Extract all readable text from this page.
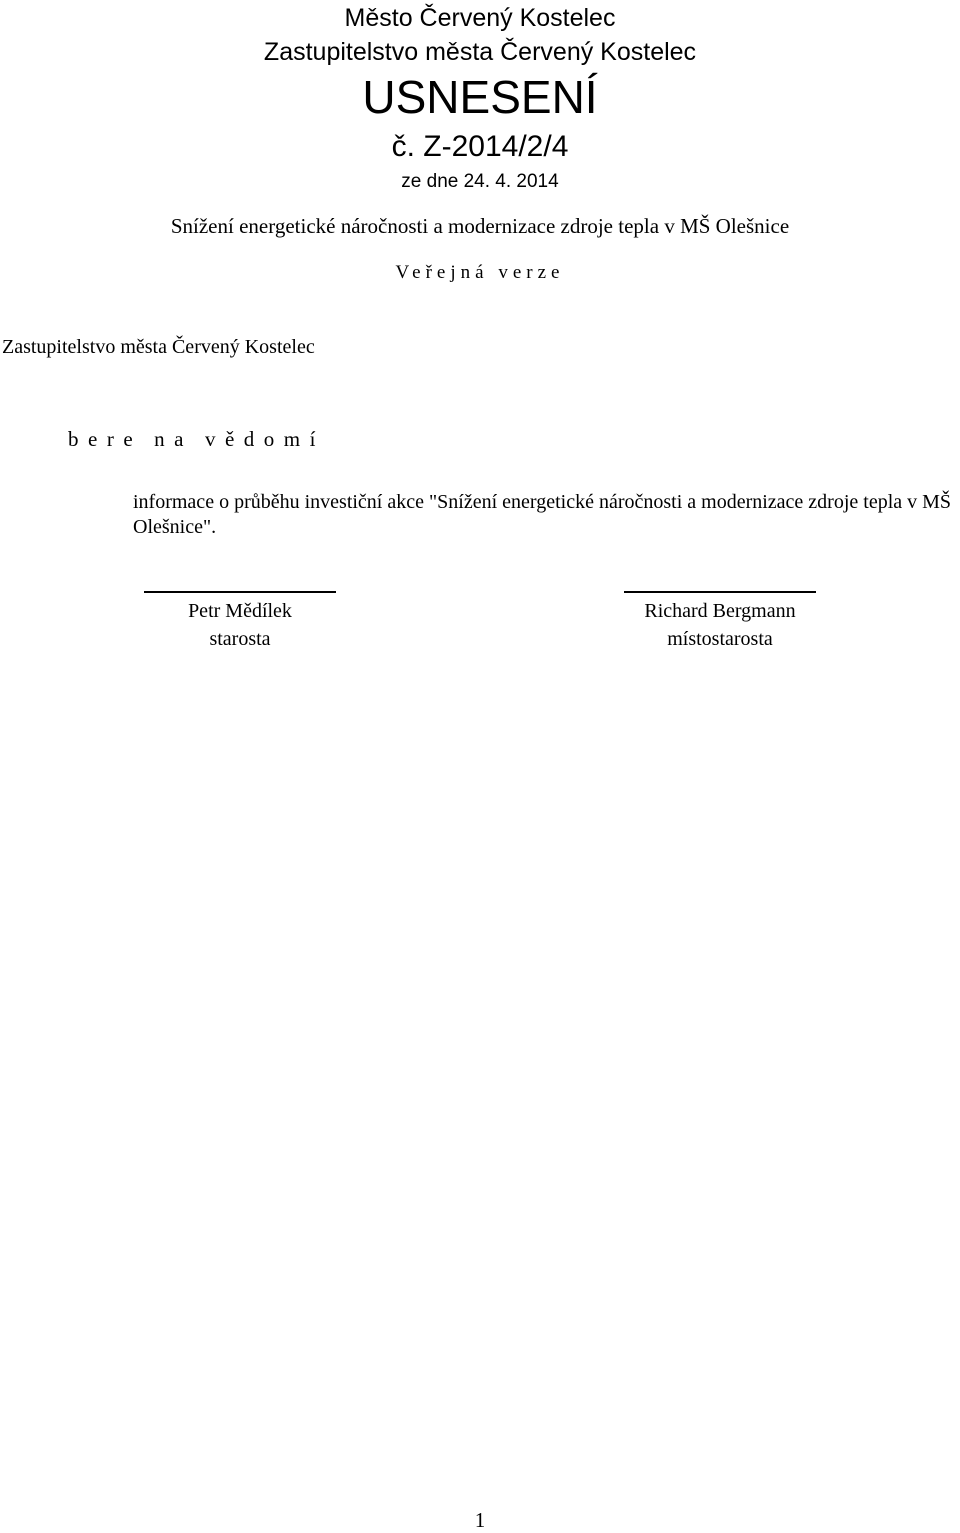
Město Červený Kostelec
Zastupitelstvo města Červený Kostelec
USNESENÍ
č. Z-2014/2/4
ze dne 24. 4. 2014
Snížení energetické náročnosti a modernizace zdroje tepla v MŠ Olešnice
Veřejná verze
Zastupitelstvo města Červený Kostelec
bere na vědomí
informace o průběhu investiční akce "Snížení energetické náročnosti a modernizace zdroje tepla v MŠ Olešnice".
Petr Mědílek
starosta
Richard Bergmann
místostarosta
1
